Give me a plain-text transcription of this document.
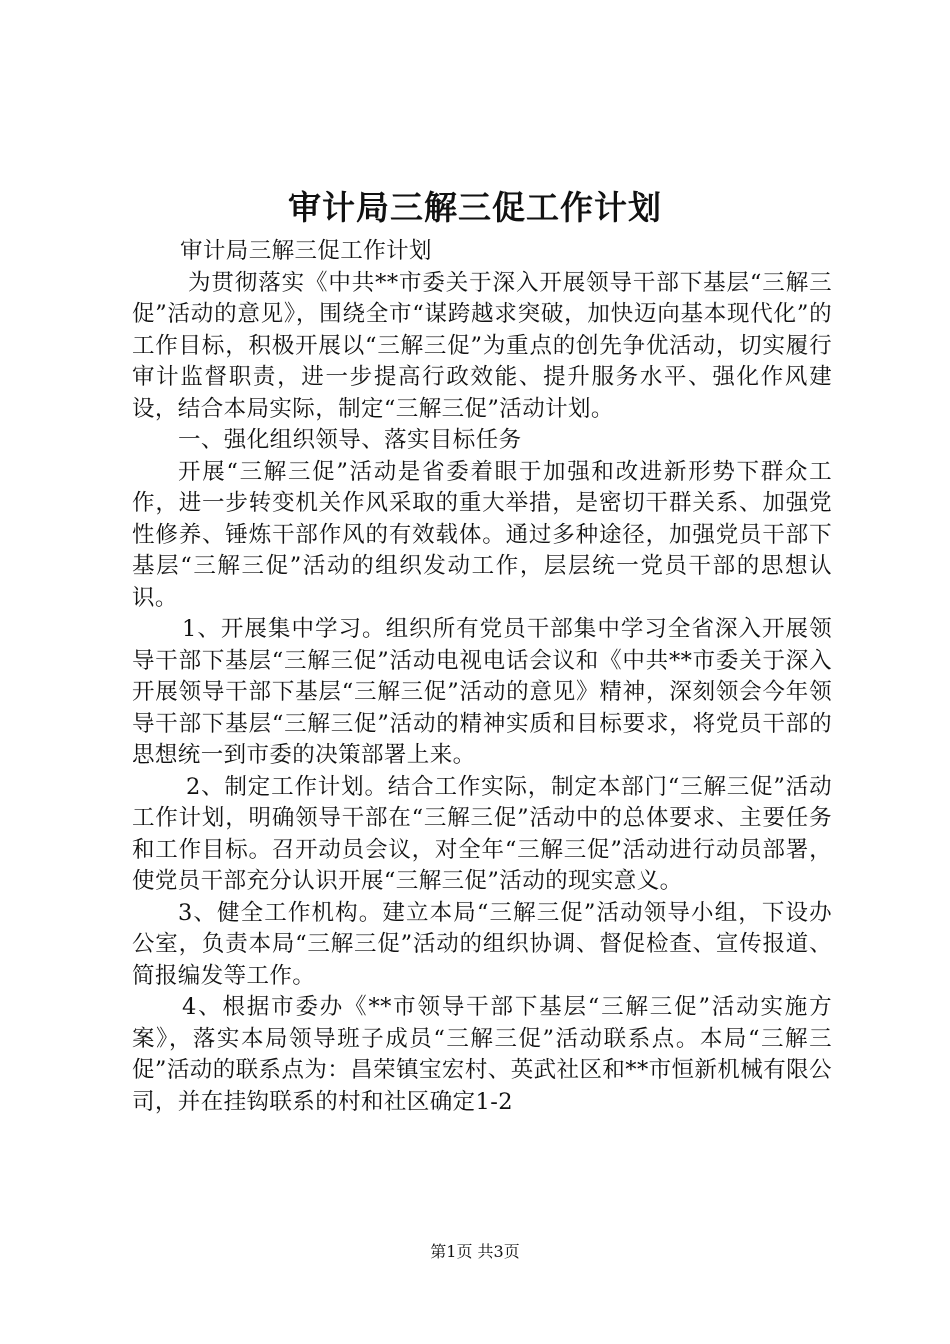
审计局三解三促工作计划

审计局三解三促工作计划

为贯彻落实《中共**市委关于深入开展领导干部下基层“三解三促”活动的意见》，围绕全市“谋跨越求突破，加快迈向基本现代化”的工作目标，积极开展以“三解三促”为重点的创先争优活动，切实履行审计监督职责，进一步提高行政效能、提升服务水平、强化作风建设，结合本局实际，制定“三解三促”活动计划。

一、强化组织领导、落实目标任务

开展“三解三促”活动是省委着眼于加强和改进新形势下群众工作，进一步转变机关作风采取的重大举措，是密切干群关系、加强党性修养、锤炼干部作风的有效载体。通过多种途径，加强党员干部下基层“三解三促”活动的组织发动工作，层层统一党员干部的思想认识。

1、开展集中学习。组织所有党员干部集中学习全省深入开展领导干部下基层“三解三促”活动电视电话会议和《中共**市委关于深入开展领导干部下基层“三解三促”活动的意见》精神，深刻领会今年领导干部下基层“三解三促”活动的精神实质和目标要求，将党员干部的思想统一到市委的决策部署上来。

2、制定工作计划。结合工作实际，制定本部门“三解三促”活动工作计划，明确领导干部在“三解三促”活动中的总体要求、主要任务和工作目标。召开动员会议，对全年“三解三促”活动进行动员部署，使党员干部充分认识开展“三解三促”活动的现实意义。

3、健全工作机构。建立本局“三解三促”活动领导小组，下设办公室，负责本局“三解三促”活动的组织协调、督促检查、宣传报道、简报编发等工作。

4、根据市委办《**市领导干部下基层“三解三促”活动实施方案》，落实本局领导班子成员“三解三促”活动联系点。本局“三解三促”活动的联系点为：昌荣镇宝宏村、英武社区和**市恒新机械有限公司，并在挂钩联系的村和社区确定1-2

第1页 共3页
